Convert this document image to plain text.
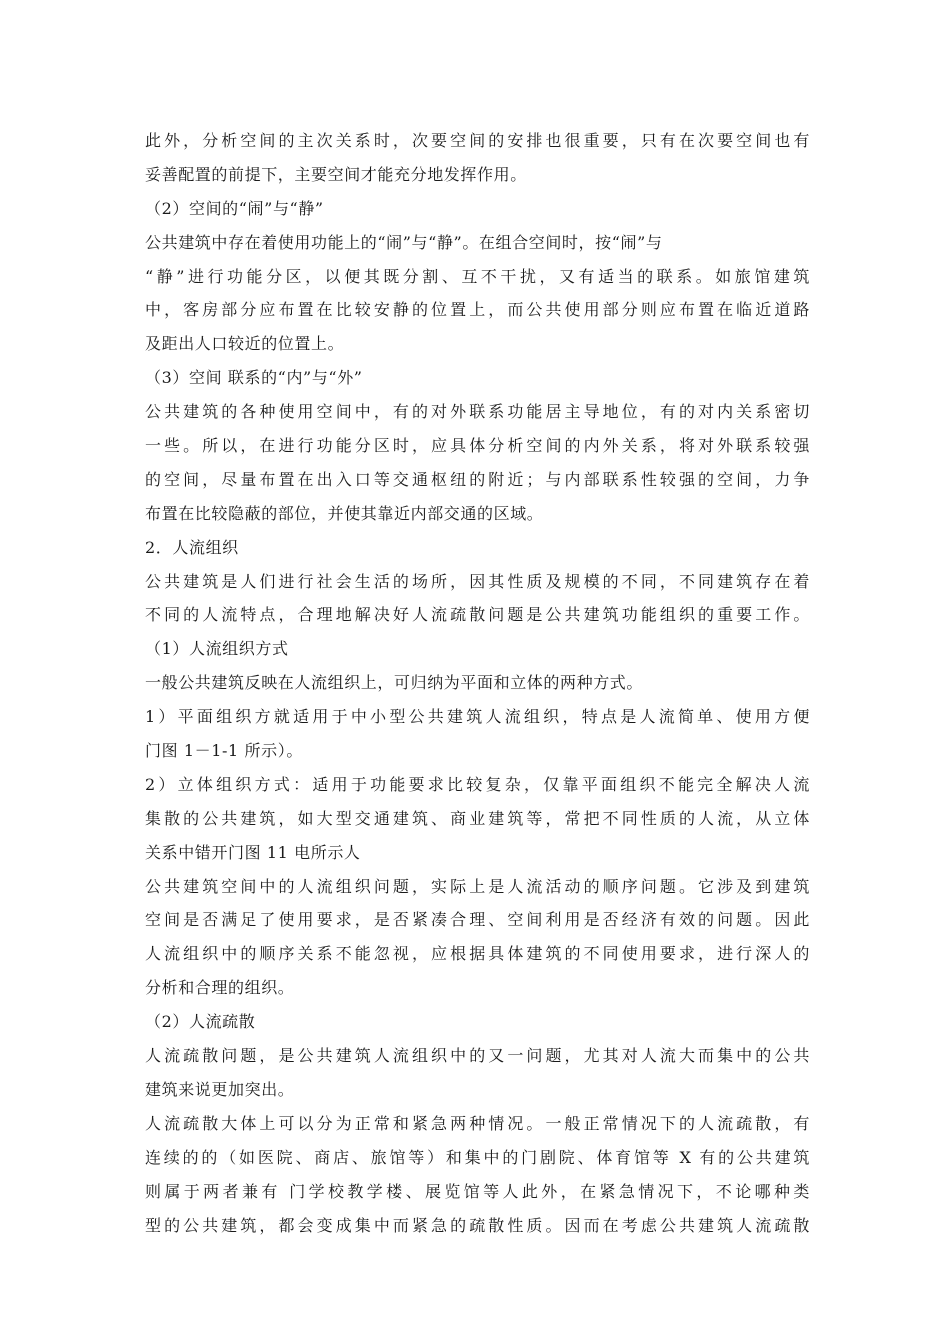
此外，分析空间的主次关系时，次要空间的安排也很重要，只有在次要空间也有
妥善配置的前提下，主要空间才能充分地发挥作用。
（2）空间的“闹”与“静”
公共建筑中存在着使用功能上的“闹”与“静”。在组合空间时，按“闹”与
“静”进行功能分区，以便其既分割、互不干扰，又有适当的联系。如旅馆建筑
中，客房部分应布置在比较安静的位置上，而公共使用部分则应布置在临近道路
及距出人口较近的位置上。
（3）空间 联系的“内”与“外”
公共建筑的各种使用空间中，有的对外联系功能居主导地位，有的对内关系密切
一些。所以，在进行功能分区时，应具体分析空间的内外关系，将对外联系较强
的空间，尽量布置在出入口等交通枢纽的附近；与内部联系性较强的空间，力争
布置在比较隐蔽的部位，并使其靠近内部交通的区域。
2．人流组织
公共建筑是人们进行社会生活的场所，因其性质及规模的不同，不同建筑存在着
不同的人流特点，合理地解决好人流疏散问题是公共建筑功能组织的重要工作。
（1）人流组织方式
一般公共建筑反映在人流组织上，可归纳为平面和立体的两种方式。
1）平面组织方就适用于中小型公共建筑人流组织，特点是人流简单、使用方便
门图 1－1-1 所示）。
2）立体组织方式：适用于功能要求比较复杂，仅靠平面组织不能完全解决人流
集散的公共建筑，如大型交通建筑、商业建筑等，常把不同性质的人流，从立体
关系中错开门图 11 电所示人
公共建筑空间中的人流组织问题，实际上是人流活动的顺序问题。它涉及到建筑
空间是否满足了使用要求，是否紧凑合理、空间利用是否经济有效的问题。因此
人流组织中的顺序关系不能忽视，应根据具体建筑的不同使用要求，进行深人的
分析和合理的组织。
（2）人流疏散
人流疏散问题，是公共建筑人流组织中的又一问题，尤其对人流大而集中的公共
建筑来说更加突出。
人流疏散大体上可以分为正常和紧急两种情况。一般正常情况下的人流疏散，有
连续的的（如医院、商店、旅馆等）和集中的门剧院、体育馆等 X 有的公共建筑
则属于两者兼有 门学校教学楼、展览馆等人此外，在紧急情况下，不论哪种类
型的公共建筑，都会变成集中而紧急的疏散性质。因而在考虑公共建筑人流疏散
